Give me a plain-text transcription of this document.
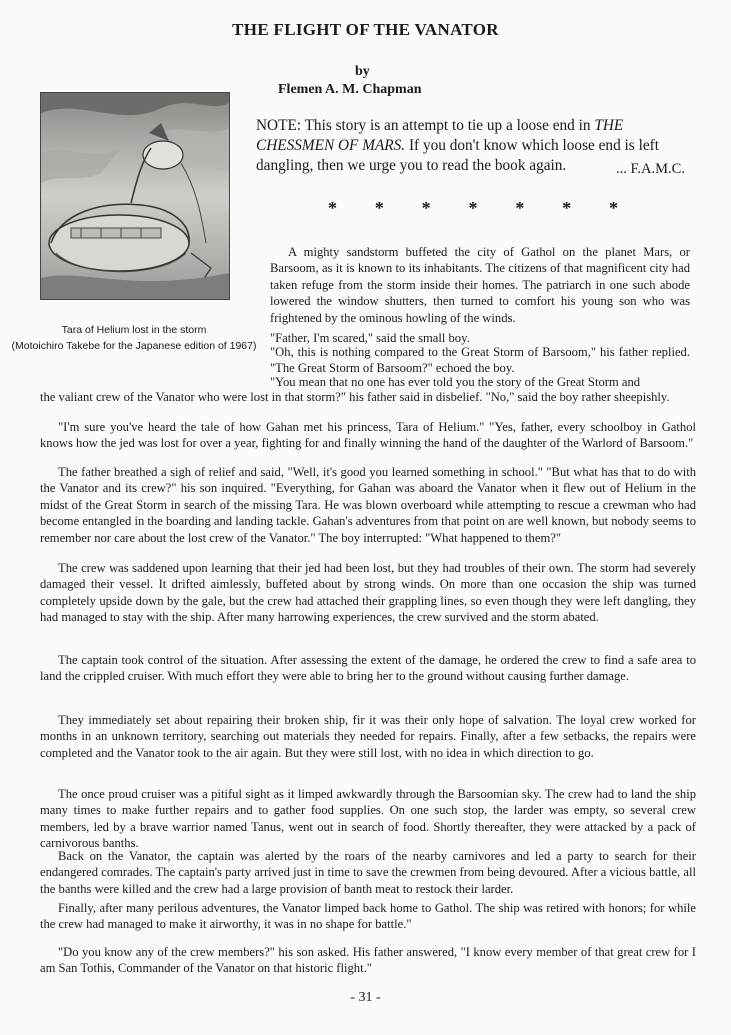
THE FLIGHT OF THE VANATOR
by
Flemen A. M. Chapman
Tara of Helium lost in the storm
(Motoichiro Takebe for the Japanese edition of 1967)
NOTE: This story is an attempt to tie up a loose end in THE CHESSMEN OF MARS. If you don't know which loose end is left dangling, then we urge you to read the book again.	... F.A.M.C.
* * * * * * *
A mighty sandstorm buffeted the city of Gathol on the planet Mars, or Barsoom, as it is known to its inhabitants. The citizens of that magnificent city had taken refuge from the storm inside their homes. The patriarch in one such abode lowered the window shutters, then turned to comfort his young son who was frightened by the ominous howling of the winds.
"Father, I'm scared," said the small boy.
"Oh, this is nothing compared to the Great Storm of Barsoom," his father replied. "The Great Storm of Barsoom?" echoed the boy.
"You mean that no one has ever told you the story of the Great Storm and
the valiant crew of the Vanator who were lost in that storm?" his father said in disbelief. "No," said the boy rather sheepishly.
"I'm sure you've heard the tale of how Gahan met his princess, Tara of Helium." "Yes, father, every schoolboy in Gathol knows how the jed was lost for over a year, fighting for and finally winning the hand of the daughter of the Warlord of Barsoom."
The father breathed a sigh of relief and said, "Well, it's good you learned something in school." "But what has that to do with the Vanator and its crew?" his son inquired. "Everything, for Gahan was aboard the Vanator when it flew out of Helium in the midst of the Great Storm in search of the missing Tara. He was blown overboard while attempting to rescue a crewman who had become entangled in the boarding and landing tackle. Gahan's adventures from that point on are well known, but nobody seems to remember nor care about the lost crew of the Vanator." The boy interrupted: "What happened to them?"
The crew was saddened upon learning that their jed had been lost, but they had troubles of their own. The storm had severely damaged their vessel. It drifted aimlessly, buffeted about by strong winds. On more than one occasion the ship was turned completely upside down by the gale, but the crew had attached their grappling lines, so even though they were left dangling, they had managed to stay with the ship. After many harrowing experiences, the crew survived and the storm abated.
The captain took control of the situation. After assessing the extent of the damage, he ordered the crew to find a safe area to land the crippled cruiser. With much effort they were able to bring her to the ground without causing further damage.
They immediately set about repairing their broken ship, fir it was their only hope of salvation. The loyal crew worked for months in an unknown territory, searching out materials they needed for repairs. Finally, after a few setbacks, the repairs were completed and the Vanator took to the air again. But they were still lost, with no idea in which direction to go.
The once proud cruiser was a pitiful sight as it limped awkwardly through the Barsoomian sky. The crew had to land the ship many times to make further repairs and to gather food supplies. On one such stop, the larder was empty, so several crew members, led by a brave warrior named Tanus, went out in search of food. Shortly thereafter, they were attacked by a pack of carnivorous banths.
Back on the Vanator, the captain was alerted by the roars of the nearby carnivores and led a party to search for their endangered comrades. The captain's party arrived just in time to save the crewmen from being devoured. After a vicious battle, all the banths were killed and the crew had a large provision of banth meat to restock their larder.
Finally, after many perilous adventures, the Vanator limped back home to Gathol. The ship was retired with honors; for while the crew had managed to make it airworthy, it was in no shape for battle."
"Do you know any of the crew members?" his son asked. His father answered, "I know every member of that great crew for I am San Tothis, Commander of the Vanator on that historic flight."
- 31 -
